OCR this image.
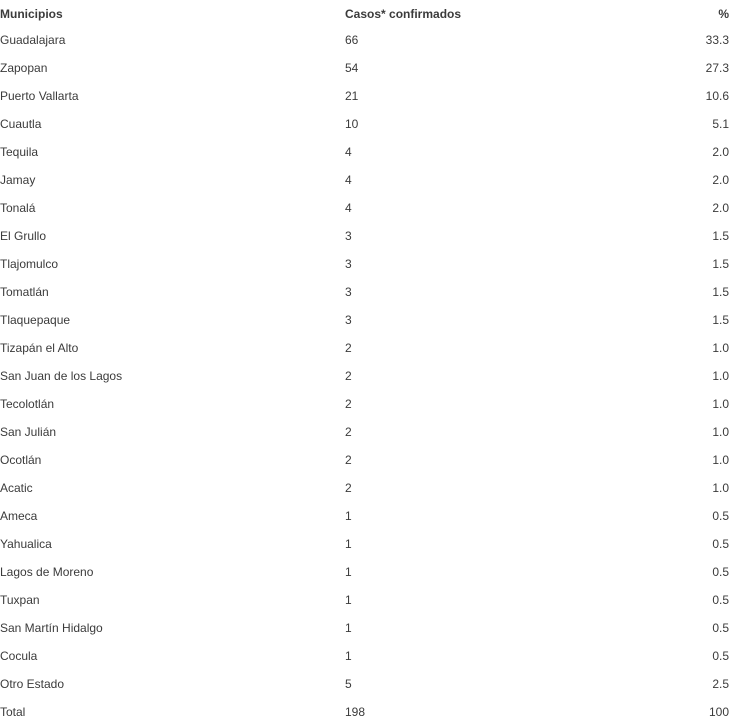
Municipios	Casos* confirmados	%
Guadalajara	66	33.3
Zapopan	54	27.3
Puerto Vallarta	21	10.6
Cuautla	10	5.1
Tequila	4	2.0
Jamay	4	2.0
Tonalá	4	2.0
El Grullo	3	1.5
Tlajomulco	3	1.5
Tomatlán	3	1.5
Tlaquepaque	3	1.5
Tizapán el Alto	2	1.0
San Juan de los Lagos	2	1.0
Tecolotlán	2	1.0
San Julián	2	1.0
Ocotlán	2	1.0
Acatic	2	1.0
Ameca	1	0.5
Yahualica	1	0.5
Lagos de Moreno	1	0.5
Tuxpan	1	0.5
San Martín Hidalgo	1	0.5
Cocula	1	0.5
Otro Estado	5	2.5
Total	198	100
